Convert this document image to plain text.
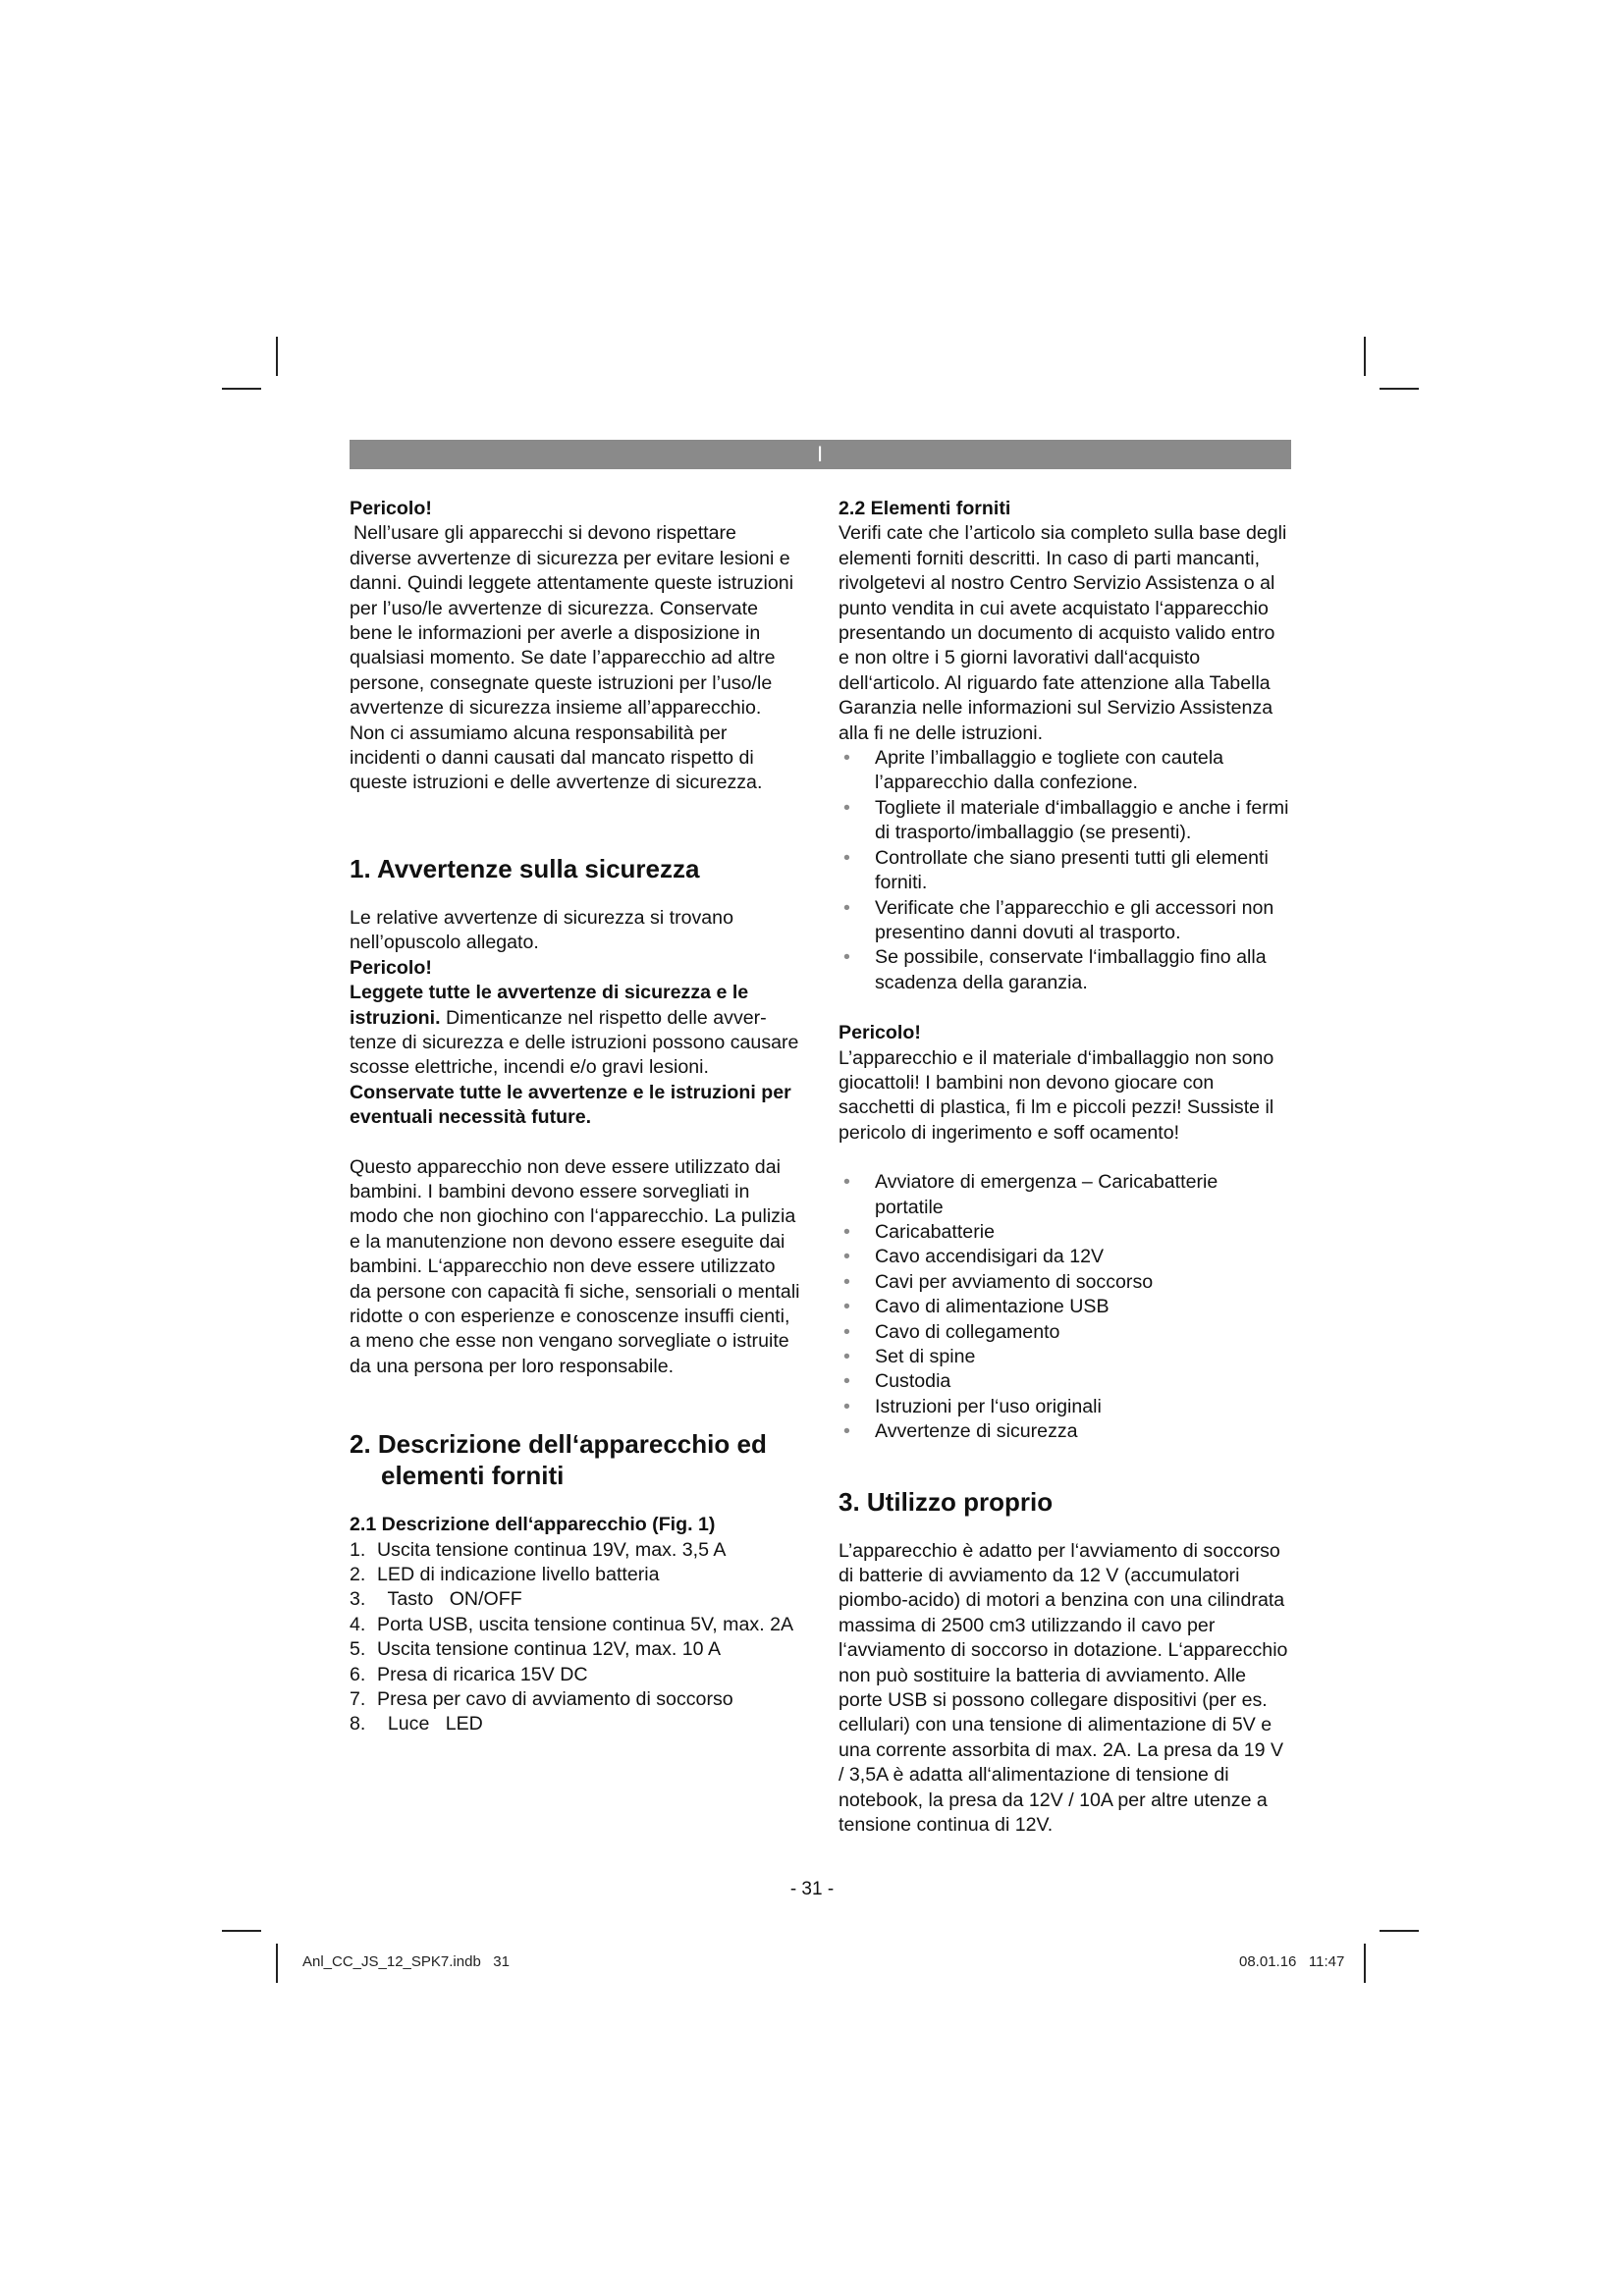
I

Pericolo!

Nell’usare gli apparecchi si devono rispettare diverse avvertenze di sicurezza per evitare lesioni e danni. Quindi leggete attentamente queste istruzioni per l’uso/le avvertenze di sicurezza. Conservate bene le informazioni per averle a disposizione in qualsiasi momento. Se date l’apparecchio ad altre persone, consegnate queste istruzioni per l’uso/le avvertenze di sicurezza insieme all’apparecchio. Non ci assumiamo alcuna responsabilità per incidenti o danni causati dal mancato rispetto di queste istruzioni e delle avvertenze di sicurezza.

1. Avvertenze sulla sicurezza

Le relative avvertenze di sicurezza si trovano nell’opuscolo allegato.

Pericolo!

Leggete tutte le avvertenze di sicurezza e le istruzioni. Dimenticanze nel rispetto delle avvertenze di sicurezza e delle istruzioni possono causare scosse elettriche, incendi e/o gravi lesioni.

Conservate tutte le avvertenze e le istruzioni per eventuali necessità future.

Questo apparecchio non deve essere utilizzato dai bambini. I bambini devono essere sorvegliati in modo che non giochino con l‘apparecchio. La pulizia e la manutenzione non devono essere eseguite dai bambini. L‘apparecchio non deve essere utilizzato da persone con capacità fi siche, sensoriali o mentali ridotte o con esperienze e conoscenze insuffi cienti, a meno che esse non vengano sorvegliate o istruite da una persona per loro responsabile.

2. Descrizione dell‘apparecchio ed elementi forniti

2.1 Descrizione dell‘apparecchio (Fig. 1)

1. Uscita tensione continua 19V, max. 3,5 A
2. LED di indicazione livello batteria
3. Tasto   ON/OFF
4. Porta USB, uscita tensione continua 5V, max. 2A
5. Uscita tensione continua 12V, max. 10 A
6. Presa di ricarica 15V DC
7. Presa per cavo di avviamento di soccorso
8. Luce   LED

2.2 Elementi forniti

Verifi cate che l’articolo sia completo sulla base degli elementi forniti descritti. In caso di parti mancanti, rivolgetevi al nostro Centro Servizio Assistenza o al punto vendita in cui avete acquistato l‘apparecchio presentando un documento di acquisto valido entro e non oltre i 5 giorni lavorativi dall‘acquisto dell‘articolo. Al riguardo fate attenzione alla Tabella Garanzia nelle informazioni sul Servizio Assistenza alla fi ne delle istruzioni.

• Aprite l’imballaggio e togliete con cautela l’apparecchio dalla confezione.
• Togliete il materiale d‘imballaggio e anche i fermi di trasporto/imballaggio (se presenti).
• Controllate che siano presenti tutti gli elementi forniti.
• Verificate che l’apparecchio e gli accessori non presentino danni dovuti al trasporto.
• Se possibile, conservate l‘imballaggio fino alla scadenza della garanzia.

Pericolo!

L’apparecchio e il materiale d‘imballaggio non sono giocattoli! I bambini non devono giocare con sacchetti di plastica, fi lm e piccoli pezzi! Sussiste il pericolo di ingerimento e soff ocamento!

• Avviatore di emergenza – Caricabatterie portatile
• Caricabatterie
• Cavo accendisigari da 12V
• Cavi per avviamento di soccorso
• Cavo di alimentazione USB
• Cavo di collegamento
• Set di spine
• Custodia
• Istruzioni per l‘uso originali
• Avvertenze di sicurezza

3. Utilizzo proprio

L’apparecchio è adatto per l‘avviamento di soccorso di batterie di avviamento da 12 V (accumulatori piombo-acido) di motori a benzina con una cilindrata massima di 2500 cm3 utilizzando il cavo per l‘avviamento di soccorso in dotazione. L‘apparecchio non può sostituire la batteria di avviamento. Alle porte USB si possono collegare dispositivi (per es. cellulari) con una tensione di alimentazione di 5V e una corrente assorbita di max. 2A. La presa da 19 V / 3,5A è adatta all‘alimentazione di tensione di notebook, la presa da 12V / 10A per altre utenze a tensione continua di 12V.

- 31 -
Anl_CC_JS_12_SPK7.indb   31	08.01.16   11:47
